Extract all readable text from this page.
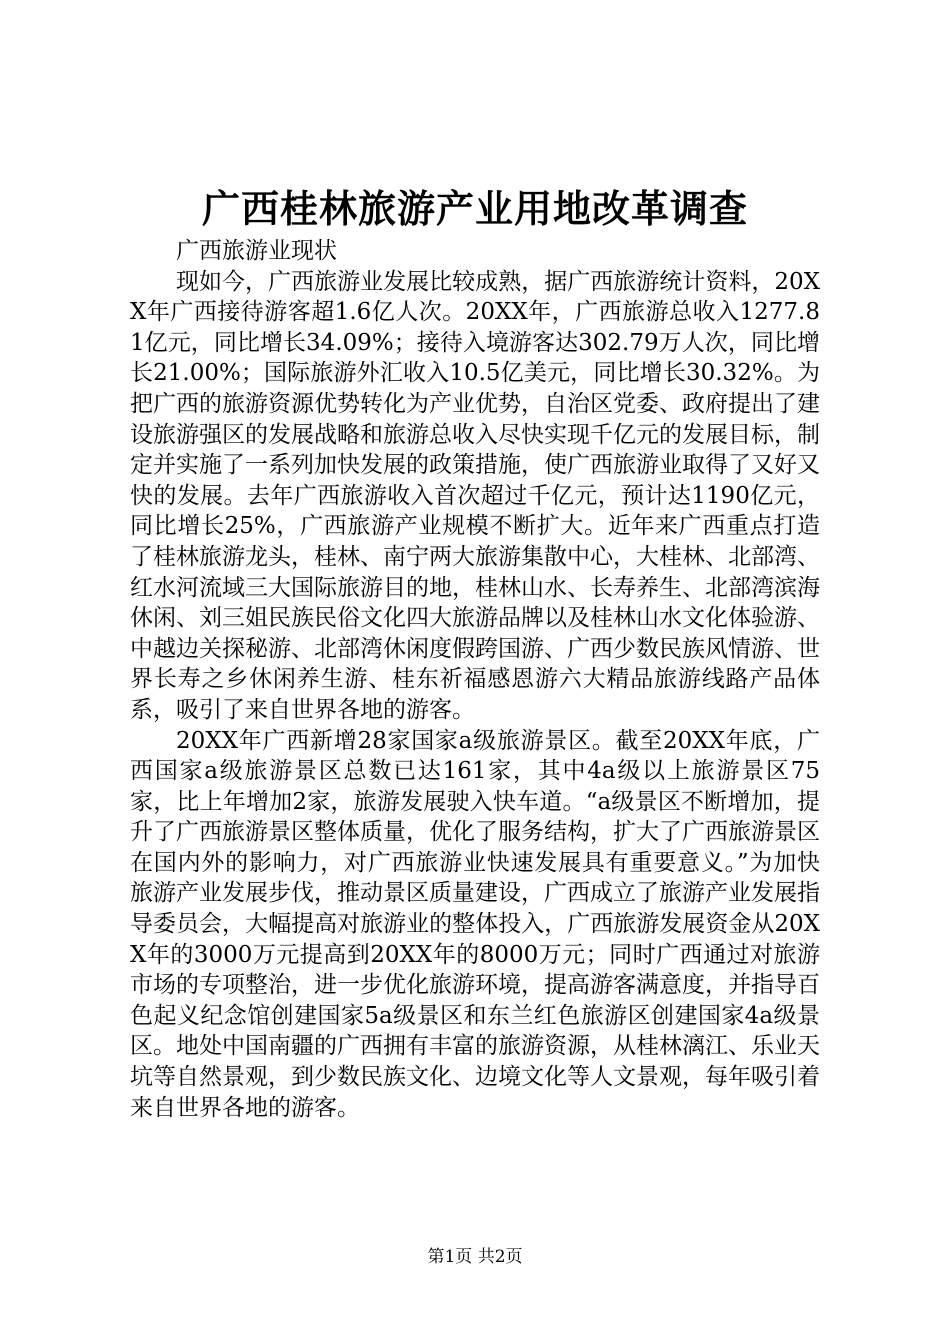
广西桂林旅游产业用地改革调查

广西旅游业现状

现如今，广西旅游业发展比较成熟，据广西旅游统计资料，20XX年广西接待游客超1.6亿人次。20XX年，广西旅游总收入1277.81亿元，同比增长34.09%；接待入境游客达302.79万人次，同比增长21.00%；国际旅游外汇收入10.5亿美元，同比增长30.32%。为把广西的旅游资源优势转化为产业优势，自治区党委、政府提出了建设旅游强区的发展战略和旅游总收入尽快实现千亿元的发展目标，制定并实施了一系列加快发展的政策措施，使广西旅游业取得了又好又快的发展。去年广西旅游收入首次超过千亿元，预计达1190亿元，同比增长25%，广西旅游产业规模不断扩大。近年来广西重点打造了桂林旅游龙头，桂林、南宁两大旅游集散中心，大桂林、北部湾、红水河流域三大国际旅游目的地，桂林山水、长寿养生、北部湾滨海休闲、刘三姐民族民俗文化四大旅游品牌以及桂林山水文化体验游、中越边关探秘游、北部湾休闲度假跨国游、广西少数民族风情游、世界长寿之乡休闲养生游、桂东祈福感恩游六大精品旅游线路产品体系，吸引了来自世界各地的游客。

20XX年广西新增28家国家a级旅游景区。截至20XX年底，广西国家a级旅游景区总数已达161家，其中4a级以上旅游景区75家，比上年增加2家，旅游发展驶入快车道。“a级景区不断增加，提升了广西旅游景区整体质量，优化了服务结构，扩大了广西旅游景区在国内外的影响力，对广西旅游业快速发展具有重要意义。”为加快旅游产业发展步伐，推动景区质量建设，广西成立了旅游产业发展指导委员会，大幅提高对旅游业的整体投入，广西旅游发展资金从20XX年的3000万元提高到20XX年的8000万元；同时广西通过对旅游市场的专项整治，进一步优化旅游环境，提高游客满意度，并指导百色起义纪念馆创建国家5a级景区和东兰红色旅游区创建国家4a级景区。地处中国南疆的广西拥有丰富的旅游资源，从桂林漓江、乐业天坑等自然景观，到少数民族文化、边境文化等人文景观，每年吸引着来自世界各地的游客。

第1页 共2页
